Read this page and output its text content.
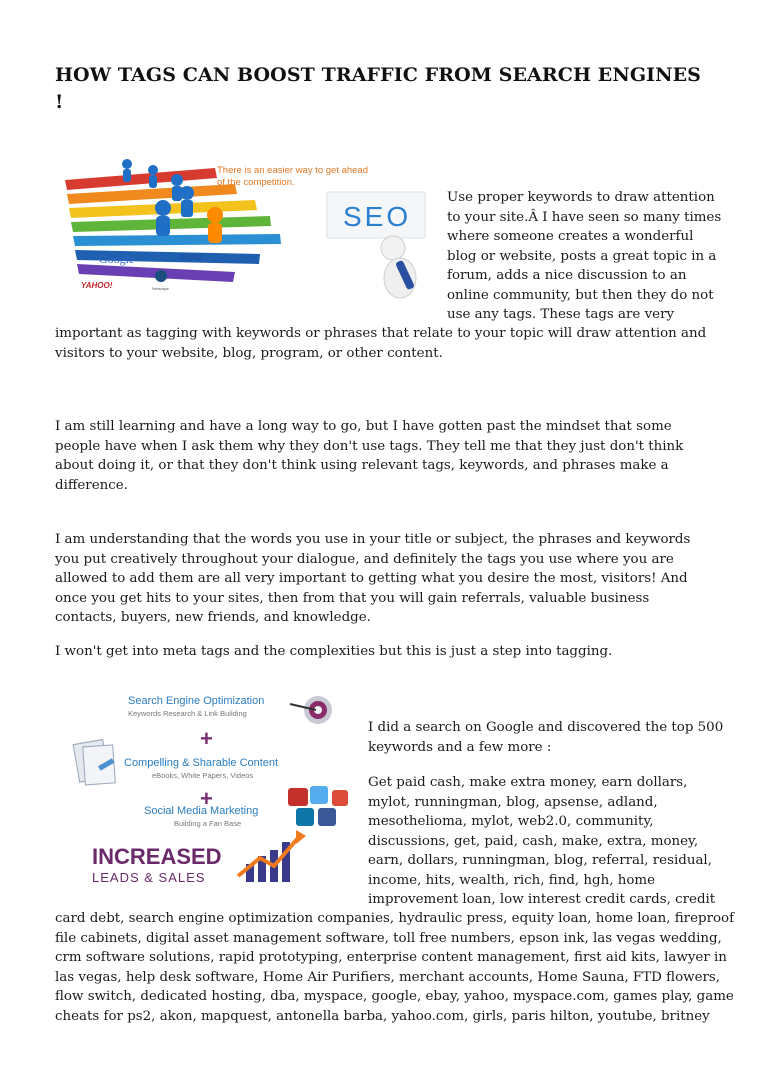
HOW TAGS CAN BOOST TRAFFIC FROM SEARCH ENGINES
!
There is an easier way to get ahead
of the competition.
SEO
Google	msn
Netscape
YAHOO!
Use proper keywords to draw attention
to your site.Â I have seen so many times
where someone creates a wonderful
blog or website, posts a great topic in a
forum, adds a nice discussion to an
online community, but then they do not
use any tags. These tags are very
important as tagging with keywords or phrases that relate to your topic will draw attention and
visitors to your website, blog, program, or other content.

I am still learning and have a long way to go, but I have gotten past the mindset that some people have when I ask them why they don't use tags. They tell me that they just don't think about doing it, or that they don't think using relevant tags, keywords, and phrases make a difference.

I am understanding that the words you use in your title or subject, the phrases and keywords you put creatively throughout your dialogue, and definitely the tags you use where you are allowed to add them are all very important to getting what you desire the most, visitors! And once you get hits to your sites, then from that you will gain referrals, valuable business contacts, buyers, new friends, and knowledge.

I won't get into meta tags and the complexities but this is just a step into tagging.

Search Engine Optimization
Keywords Research & Link Building
+
Compelling & Sharable Content
eBooks, White Papers, Videos
+
Social Media Marketing
Building a Fan Base
INCREASED
LEADS & SALES
I did a search on Google and discovered the top 500
keywords and a few more :
Get paid cash, make extra money, earn dollars,
mylot, runningman, blog, apsense, adland,
mesothelioma, mylot, web2.0, community,
discussions, get, paid, cash, make, extra, money,
earn, dollars, runningman, blog, referral, residual,
income, hits, wealth, rich, find, hgh, home
improvement loan, low interest credit cards, credit
card debt, search engine optimization companies, hydraulic press, equity loan, home loan, fireproof
file cabinets, digital asset management software, toll free numbers, epson ink, las vegas wedding,
crm software solutions, rapid prototyping, enterprise content management, first aid kits, lawyer in
las vegas, help desk software, Home Air Purifiers, merchant accounts, Home Sauna, FTD flowers,
flow switch, dedicated hosting, dba, myspace, google, ebay, yahoo, myspace.com, games play, game
cheats for ps2, akon, mapquest, antonella barba, yahoo.com, girls, paris hilton, youtube, britney
